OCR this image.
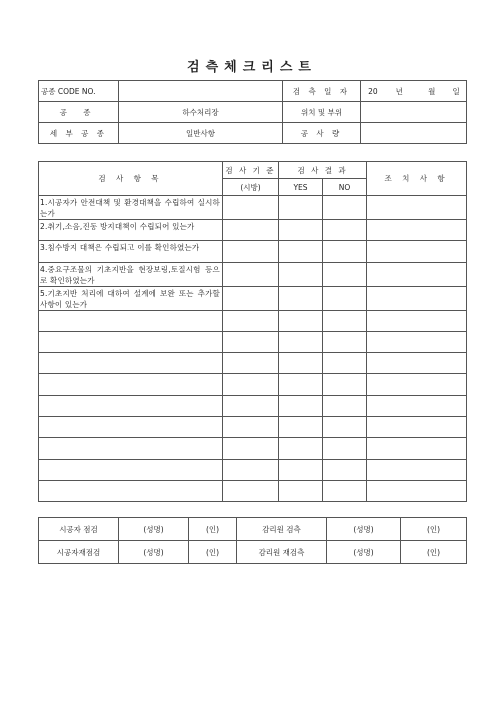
검측체크리스트
공종 CODE NO.		검 측 일 자	20 년 월 일
공 종	하수처리장	위치 및 부위	
세 부 공 종	일반사항	공 사 량	
검 사 항 목	검 사 기 준	검 사 결 과		조 치 사 항
	(시방)	YES	NO	
1.시공자가 안전대책 및 환경대책을 수립하여 실시하는가				
2.취기,소음,진동 방지대책이 수립되어 있는가				
3.침수방지 대책은 수립되고 이를 확인하였는가				
4.중요구조물의 기초지반을 현장보링,토질시험 등으로 확인하였는가				
5.기초지반 처리에 대하여 설계에 보완 또는 추가할 사항이 있는가				

시공자 점검	(성명)	(인)	감리원 검측	(성명)	(인)
시공자재점검	(성명)	(인)	감리원 재검측	(성명)	(인)
